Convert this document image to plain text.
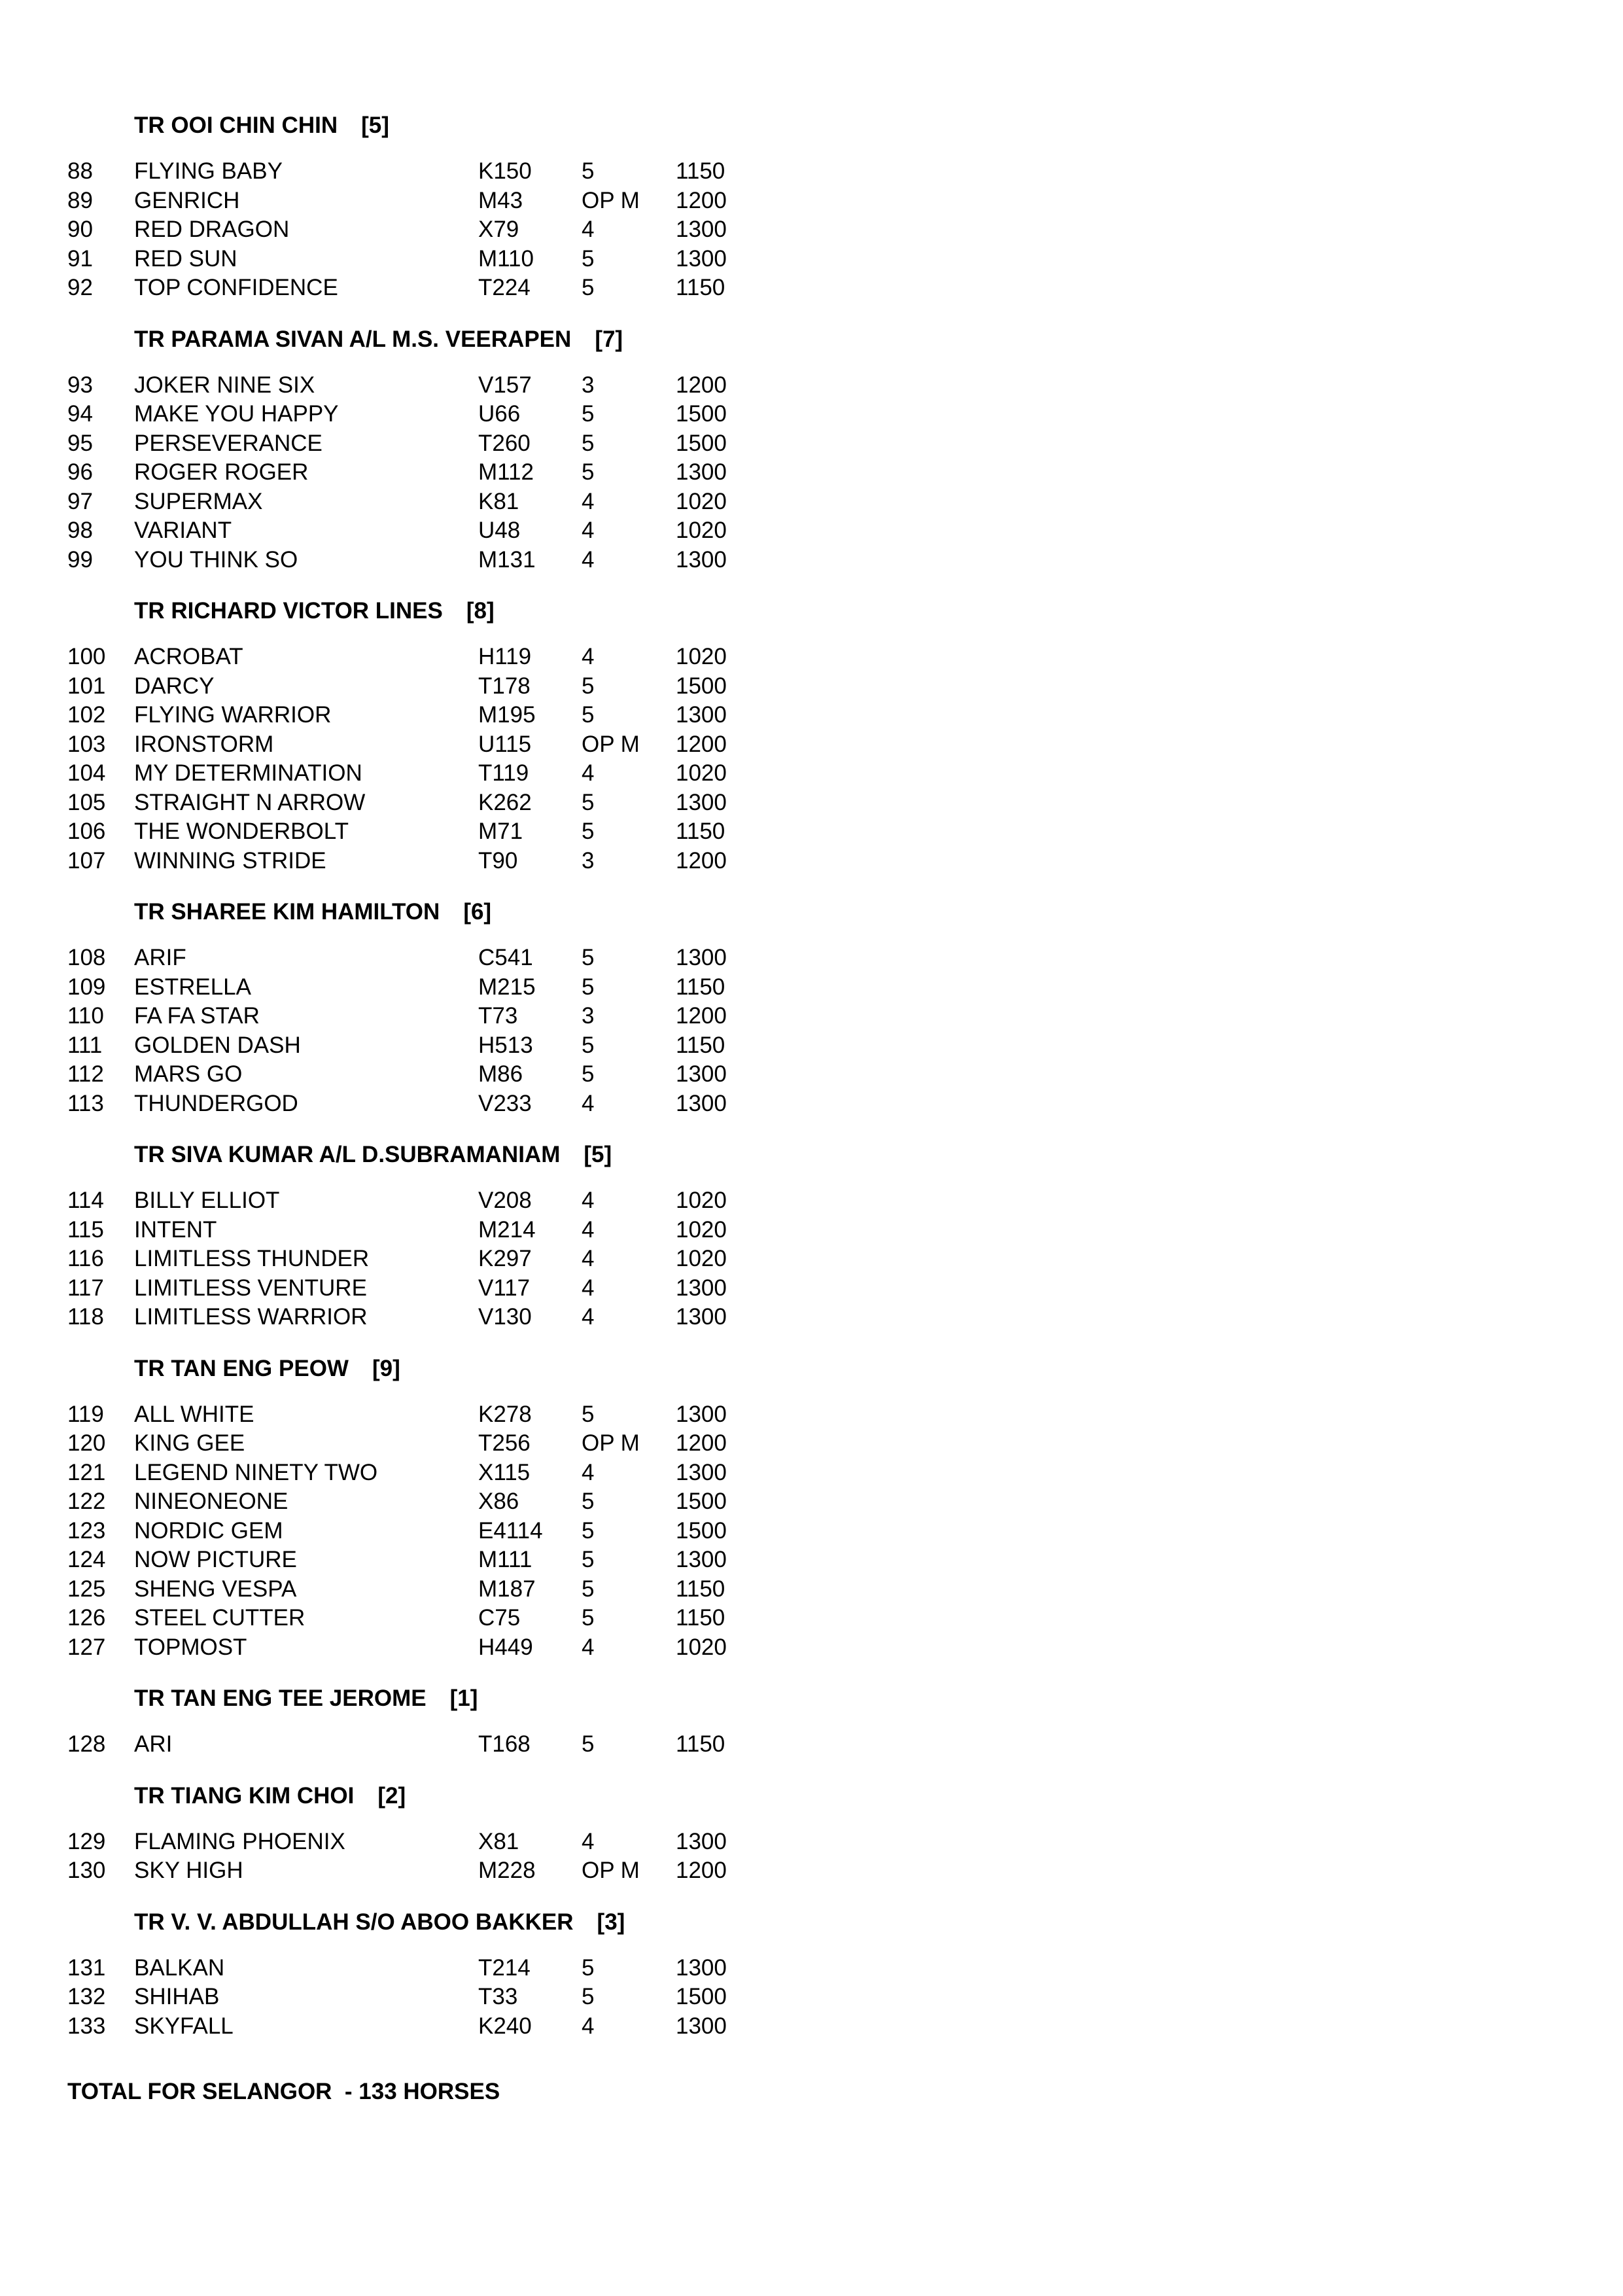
TR OOI CHIN CHIN [5]
88	FLYING BABY	K150	5	1150
89	GENRICH	M43	OP M	1200
90	RED DRAGON	X79	4	1300
91	RED SUN	M110	5	1300
92	TOP CONFIDENCE	T224	5	1150
TR PARAMA SIVAN A/L M.S. VEERAPEN [7]
93	JOKER NINE SIX	V157	3	1200
94	MAKE YOU HAPPY	U66	5	1500
95	PERSEVERANCE	T260	5	1500
96	ROGER ROGER	M112	5	1300
97	SUPERMAX	K81	4	1020
98	VARIANT	U48	4	1020
99	YOU THINK SO	M131	4	1300
TR RICHARD VICTOR LINES [8]
100	ACROBAT	H119	4	1020
101	DARCY	T178	5	1500
102	FLYING WARRIOR	M195	5	1300
103	IRONSTORM	U115	OP M	1200
104	MY DETERMINATION	T119	4	1020
105	STRAIGHT N ARROW	K262	5	1300
106	THE WONDERBOLT	M71	5	1150
107	WINNING STRIDE	T90	3	1200
TR SHAREE KIM HAMILTON [6]
108	ARIF	C541	5	1300
109	ESTRELLA	M215	5	1150
110	FA FA STAR	T73	3	1200
111	GOLDEN DASH	H513	5	1150
112	MARS GO	M86	5	1300
113	THUNDERGOD	V233	4	1300
TR SIVA KUMAR A/L D.SUBRAMANIAM [5]
114	BILLY ELLIOT	V208	4	1020
115	INTENT	M214	4	1020
116	LIMITLESS THUNDER	K297	4	1020
117	LIMITLESS VENTURE	V117	4	1300
118	LIMITLESS WARRIOR	V130	4	1300
TR TAN ENG PEOW [9]
119	ALL WHITE	K278	5	1300
120	KING GEE	T256	OP M	1200
121	LEGEND NINETY TWO	X115	4	1300
122	NINEONEONE	X86	5	1500
123	NORDIC GEM	E4114	5	1500
124	NOW PICTURE	M111	5	1300
125	SHENG VESPA	M187	5	1150
126	STEEL CUTTER	C75	5	1150
127	TOPMOST	H449	4	1020
TR TAN ENG TEE JEROME [1]
128	ARI	T168	5	1150
TR TIANG KIM CHOI [2]
129	FLAMING PHOENIX	X81	4	1300
130	SKY HIGH	M228	OP M	1200
TR V. V. ABDULLAH S/O ABOO BAKKER [3]
131	BALKAN	T214	5	1300
132	SHIHAB	T33	5	1500
133	SKYFALL	K240	4	1300
TOTAL FOR SELANGOR  - 133 HORSES
